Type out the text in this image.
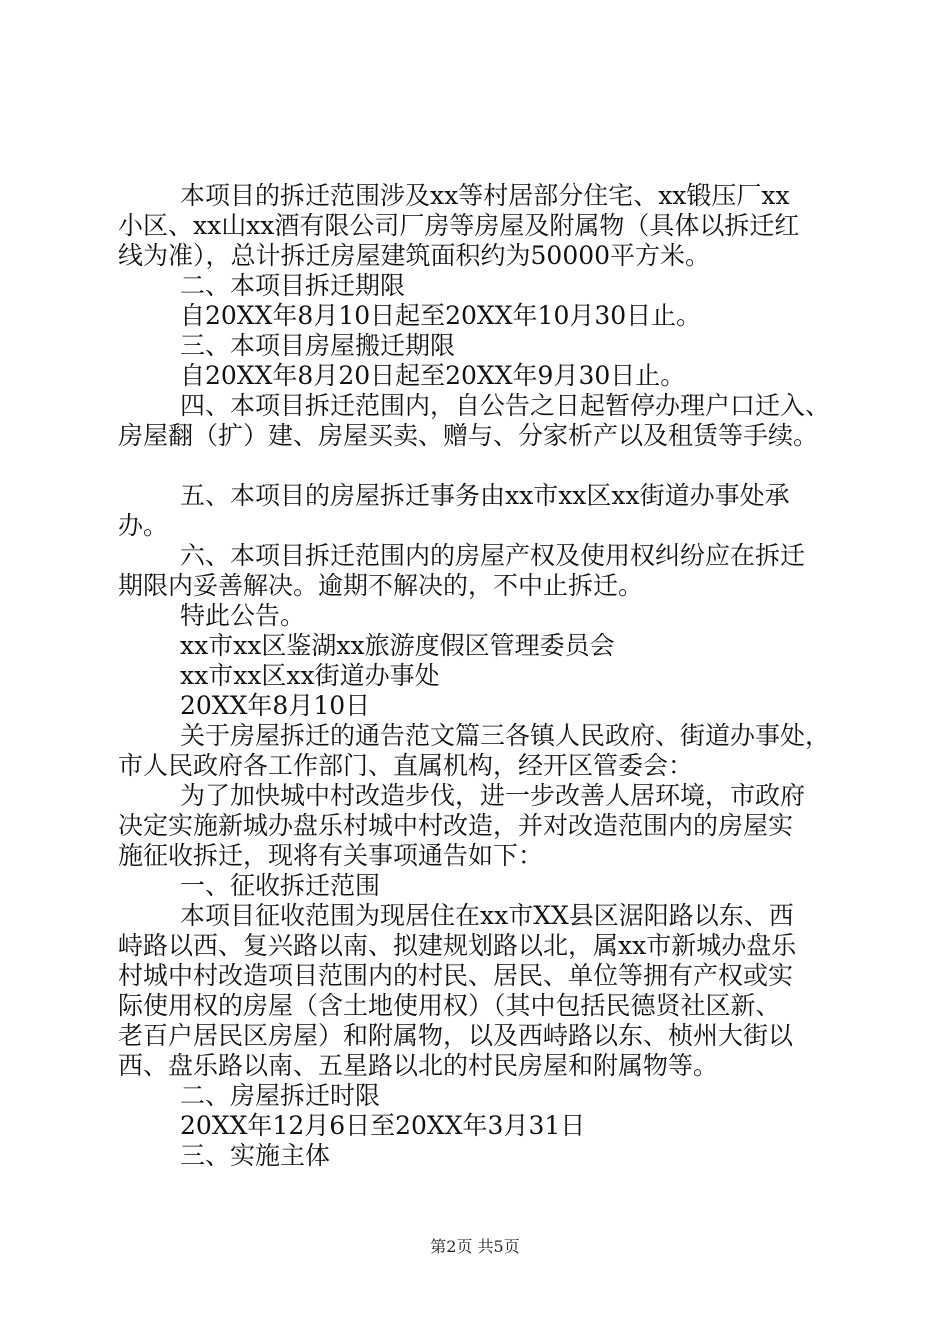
本项目的拆迁范围涉及xx等村居部分住宅、xx锻压厂xx
小区、xx山xx酒有限公司厂房等房屋及附属物（具体以拆迁红
线为准），总计拆迁房屋建筑面积约为50000平方米。
二、本项目拆迁期限
自20XX年8月10日起至20XX年10月30日止。
三、本项目房屋搬迁期限
自20XX年8月20日起至20XX年9月30日止。
四、本项目拆迁范围内，自公告之日起暂停办理户口迁入、
房屋翻（扩）建、房屋买卖、赠与、分家析产以及租赁等手续。
五、本项目的房屋拆迁事务由xx市xx区xx街道办事处承
办。
六、本项目拆迁范围内的房屋产权及使用权纠纷应在拆迁
期限内妥善解决。逾期不解决的，不中止拆迁。
特此公告。
xx市xx区鉴湖xx旅游度假区管理委员会
xx市xx区xx街道办事处
20XX年8月10日
关于房屋拆迁的通告范文篇三各镇人民政府、街道办事处，
市人民政府各工作部门、直属机构，经开区管委会：
为了加快城中村改造步伐，进一步改善人居环境，市政府
决定实施新城办盘乐村城中村改造，并对改造范围内的房屋实
施征收拆迁，现将有关事项通告如下：
一、征收拆迁范围
本项目征收范围为现居住在xx市XX县区涺阳路以东、西
峙路以西、复兴路以南、拟建规划路以北，属xx市新城办盘乐
村城中村改造项目范围内的村民、居民、单位等拥有产权或实
际使用权的房屋（含土地使用权）（其中包括民德贤社区新、
老百户居民区房屋）和附属物，以及西峙路以东、桢州大街以
西、盘乐路以南、五星路以北的村民房屋和附属物等。
二、房屋拆迁时限
20XX年12月6日至20XX年3月31日
三、实施主体
第2页 共5页
